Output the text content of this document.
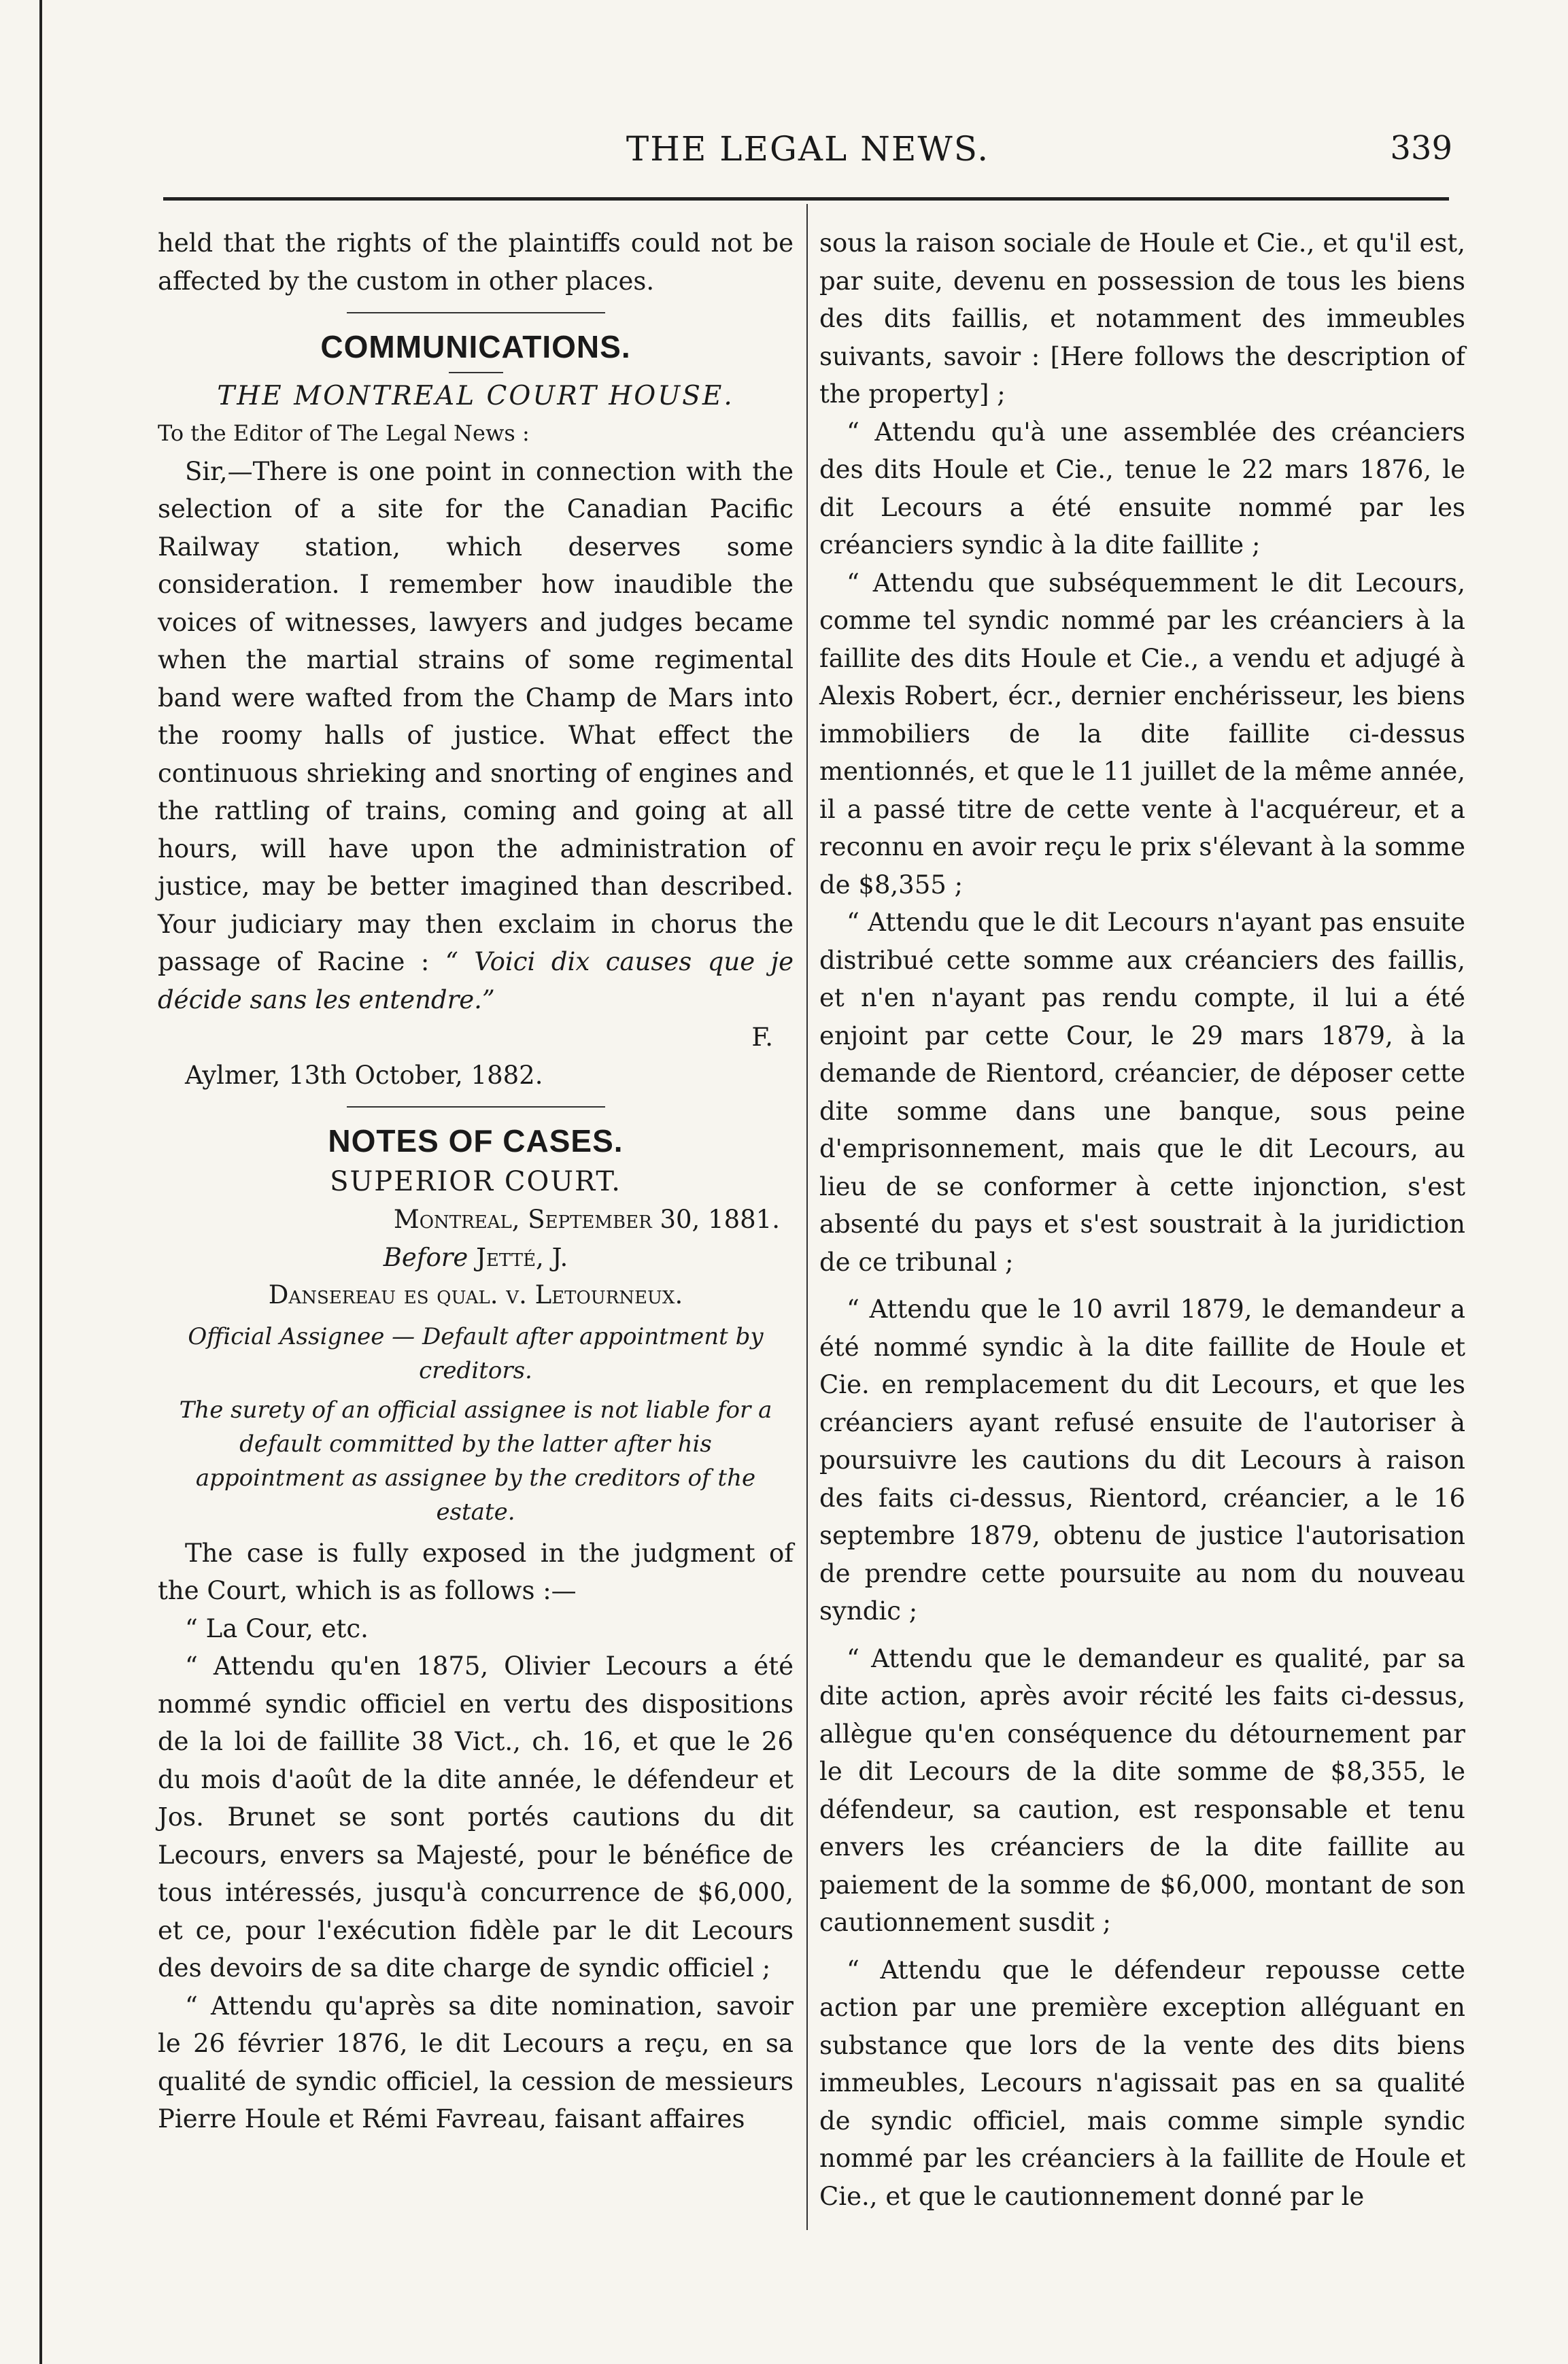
THE LEGAL NEWS.	339

held that the rights of the plaintiffs could not be affected by the custom in other places.

COMMUNICATIONS.
THE MONTREAL COURT HOUSE.

To the Editor of The Legal News :

Sir,—There is one point in connection with the selection of a site for the Canadian Pacific Railway station, which deserves some consideration. I remember how inaudible the voices of witnesses, lawyers and judges became when the martial strains of some regimental band were wafted from the Champ de Mars into the roomy halls of justice. What effect the continuous shrieking and snorting of engines and the rattling of trains, coming and going at all hours, will have upon the administration of justice, may be better imagined than described. Your judiciary may then exclaim in chorus the passage of Racine : “ Voici dix causes que je décide sans les entendre.”

F.

Aylmer, 13th October, 1882.

NOTES OF CASES.
SUPERIOR COURT.

Montreal, September 30, 1881.

Before Jetté, J.

Dansereau es qual. v. Letourneux.

Official Assignee — Default after appointment by creditors.

The surety of an official assignee is not liable for a default committed by the latter after his appointment as assignee by the creditors of the estate.

The case is fully exposed in the judgment of the Court, which is as follows :—

“ La Cour, etc.

“ Attendu qu'en 1875, Olivier Lecours a été nommé syndic officiel en vertu des dispositions de la loi de faillite 38 Vict., ch. 16, et que le 26 du mois d'août de la dite année, le défendeur et Jos. Brunet se sont portés cautions du dit Lecours, envers sa Majesté, pour le bénéfice de tous intéressés, jusqu'à concurrence de $6,000, et ce, pour l'exécution fidèle par le dit Lecours des devoirs de sa dite charge de syndic officiel ;

“ Attendu qu'après sa dite nomination, savoir le 26 février 1876, le dit Lecours a reçu, en sa qualité de syndic officiel, la cession de messieurs Pierre Houle et Rémi Favreau, faisant affaires

sous la raison sociale de Houle et Cie., et qu'il est, par suite, devenu en possession de tous les biens des dits faillis, et notamment des immeubles suivants, savoir : [Here follows the description of the property] ;

“ Attendu qu'à une assemblée des créanciers des dits Houle et Cie., tenue le 22 mars 1876, le dit Lecours a été ensuite nommé par les créanciers syndic à la dite faillite ;

“ Attendu que subséquemment le dit Lecours, comme tel syndic nommé par les créanciers à la faillite des dits Houle et Cie., a vendu et adjugé à Alexis Robert, écr., dernier enchérisseur, les biens immobiliers de la dite faillite ci-dessus mentionnés, et que le 11 juillet de la même année, il a passé titre de cette vente à l'acquéreur, et a reconnu en avoir reçu le prix s'élevant à la somme de $8,355 ;

“ Attendu que le dit Lecours n'ayant pas ensuite distribué cette somme aux créanciers des faillis, et n'en n'ayant pas rendu compte, il lui a été enjoint par cette Cour, le 29 mars 1879, à la demande de Rientord, créancier, de déposer cette dite somme dans une banque, sous peine d'emprisonnement, mais que le dit Lecours, au lieu de se conformer à cette injonction, s'est absenté du pays et s'est soustrait à la juridiction de ce tribunal ;

“ Attendu que le 10 avril 1879, le demandeur a été nommé syndic à la dite faillite de Houle et Cie. en remplacement du dit Lecours, et que les créanciers ayant refusé ensuite de l'autoriser à poursuivre les cautions du dit Lecours à raison des faits ci-dessus, Rientord, créancier, a le 16 septembre 1879, obtenu de justice l'autorisation de prendre cette poursuite au nom du nouveau syndic ;

“ Attendu que le demandeur es qualité, par sa dite action, après avoir récité les faits ci-dessus, allègue qu'en conséquence du détournement par le dit Lecours de la dite somme de $8,355, le défendeur, sa caution, est responsable et tenu envers les créanciers de la dite faillite au paiement de la somme de $6,000, montant de son cautionnement susdit ;

“ Attendu que le défendeur repousse cette action par une première exception alléguant en substance que lors de la vente des dits biens immeubles, Lecours n'agissait pas en sa qualité de syndic officiel, mais comme simple syndic nommé par les créanciers à la faillite de Houle et Cie., et que le cautionnement donné par le
